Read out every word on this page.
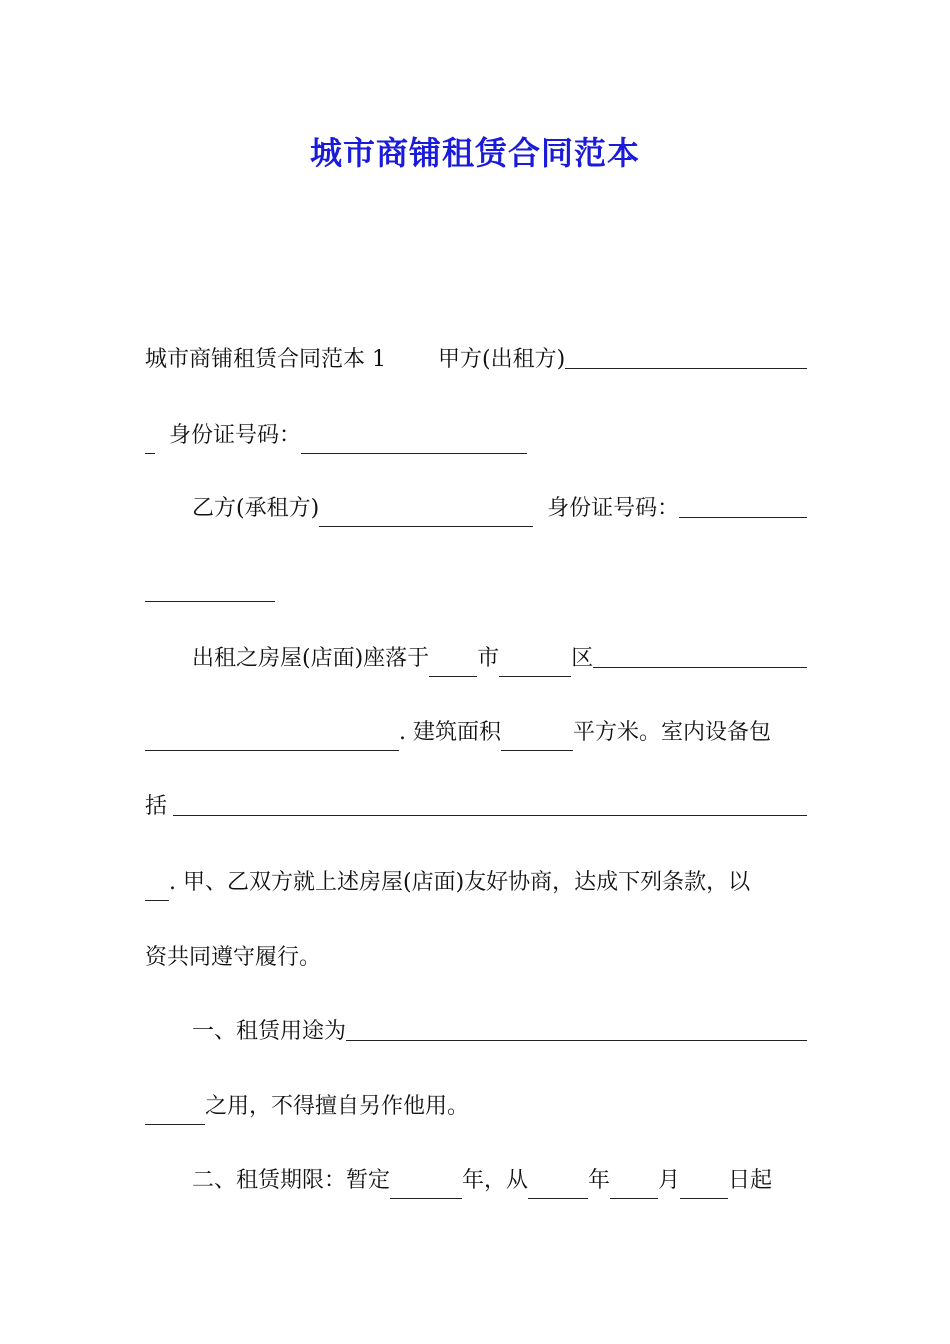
城市商铺租赁合同范本
城市商铺租赁合同范本 1 甲方(出租方)
身份证号码：
乙方(承租方)	身份证号码：
出租之房屋(店面)座落于 市	区
. 建筑面积	平方米。室内设备包
括
. 甲、乙双方就上述房屋(店面)友好协商，达成下列条款，以
资共同遵守履行。
一、租赁用途为
之用，不得擅自另作他用。
二、租赁期限：暂定	年，从	年 月 日起
